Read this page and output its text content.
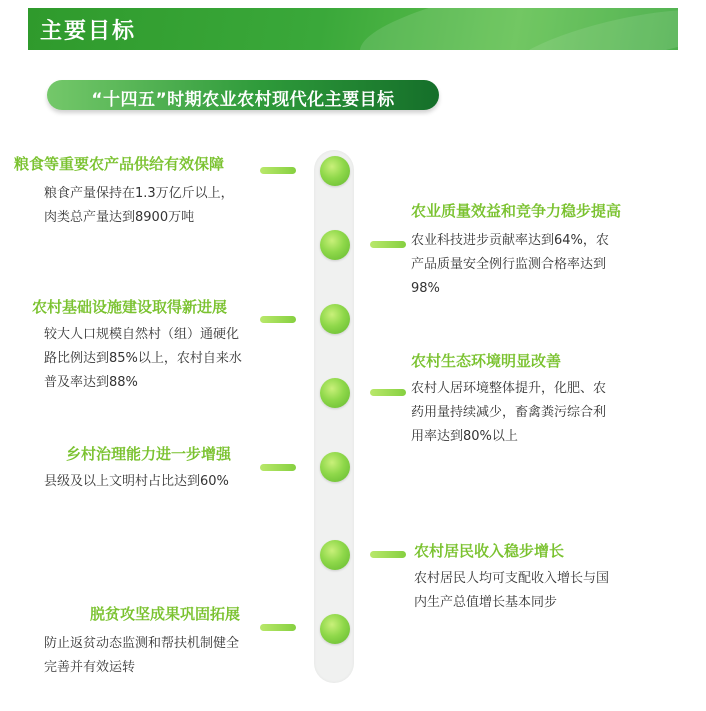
主要目标
“十四五”时期农业农村现代化主要目标
粮食等重要农产品供给有效保障
粮食产量保持在1.3万亿斤以上，
肉类总产量达到8900万吨	农业质量效益和竞争力稳步提高
农业科技进步贡献率达到64%，农
产品质量安全例行监测合格率达到
98%
农村基础设施建设取得新进展
较大人口规模自然村（组）通硬化
路比例达到85%以上，农村自来水
普及率达到88%
农村生态环境明显改善
农村人居环境整体提升，化肥、农
药用量持续减少，畜禽粪污综合利
用率达到80%以上
乡村治理能力进一步增强
县级及以上文明村占比达到60%
农村居民收入稳步增长
农村居民人均可支配收入增长与国
内生产总值增长基本同步
脱贫攻坚成果巩固拓展
防止返贫动态监测和帮扶机制健全
完善并有效运转
